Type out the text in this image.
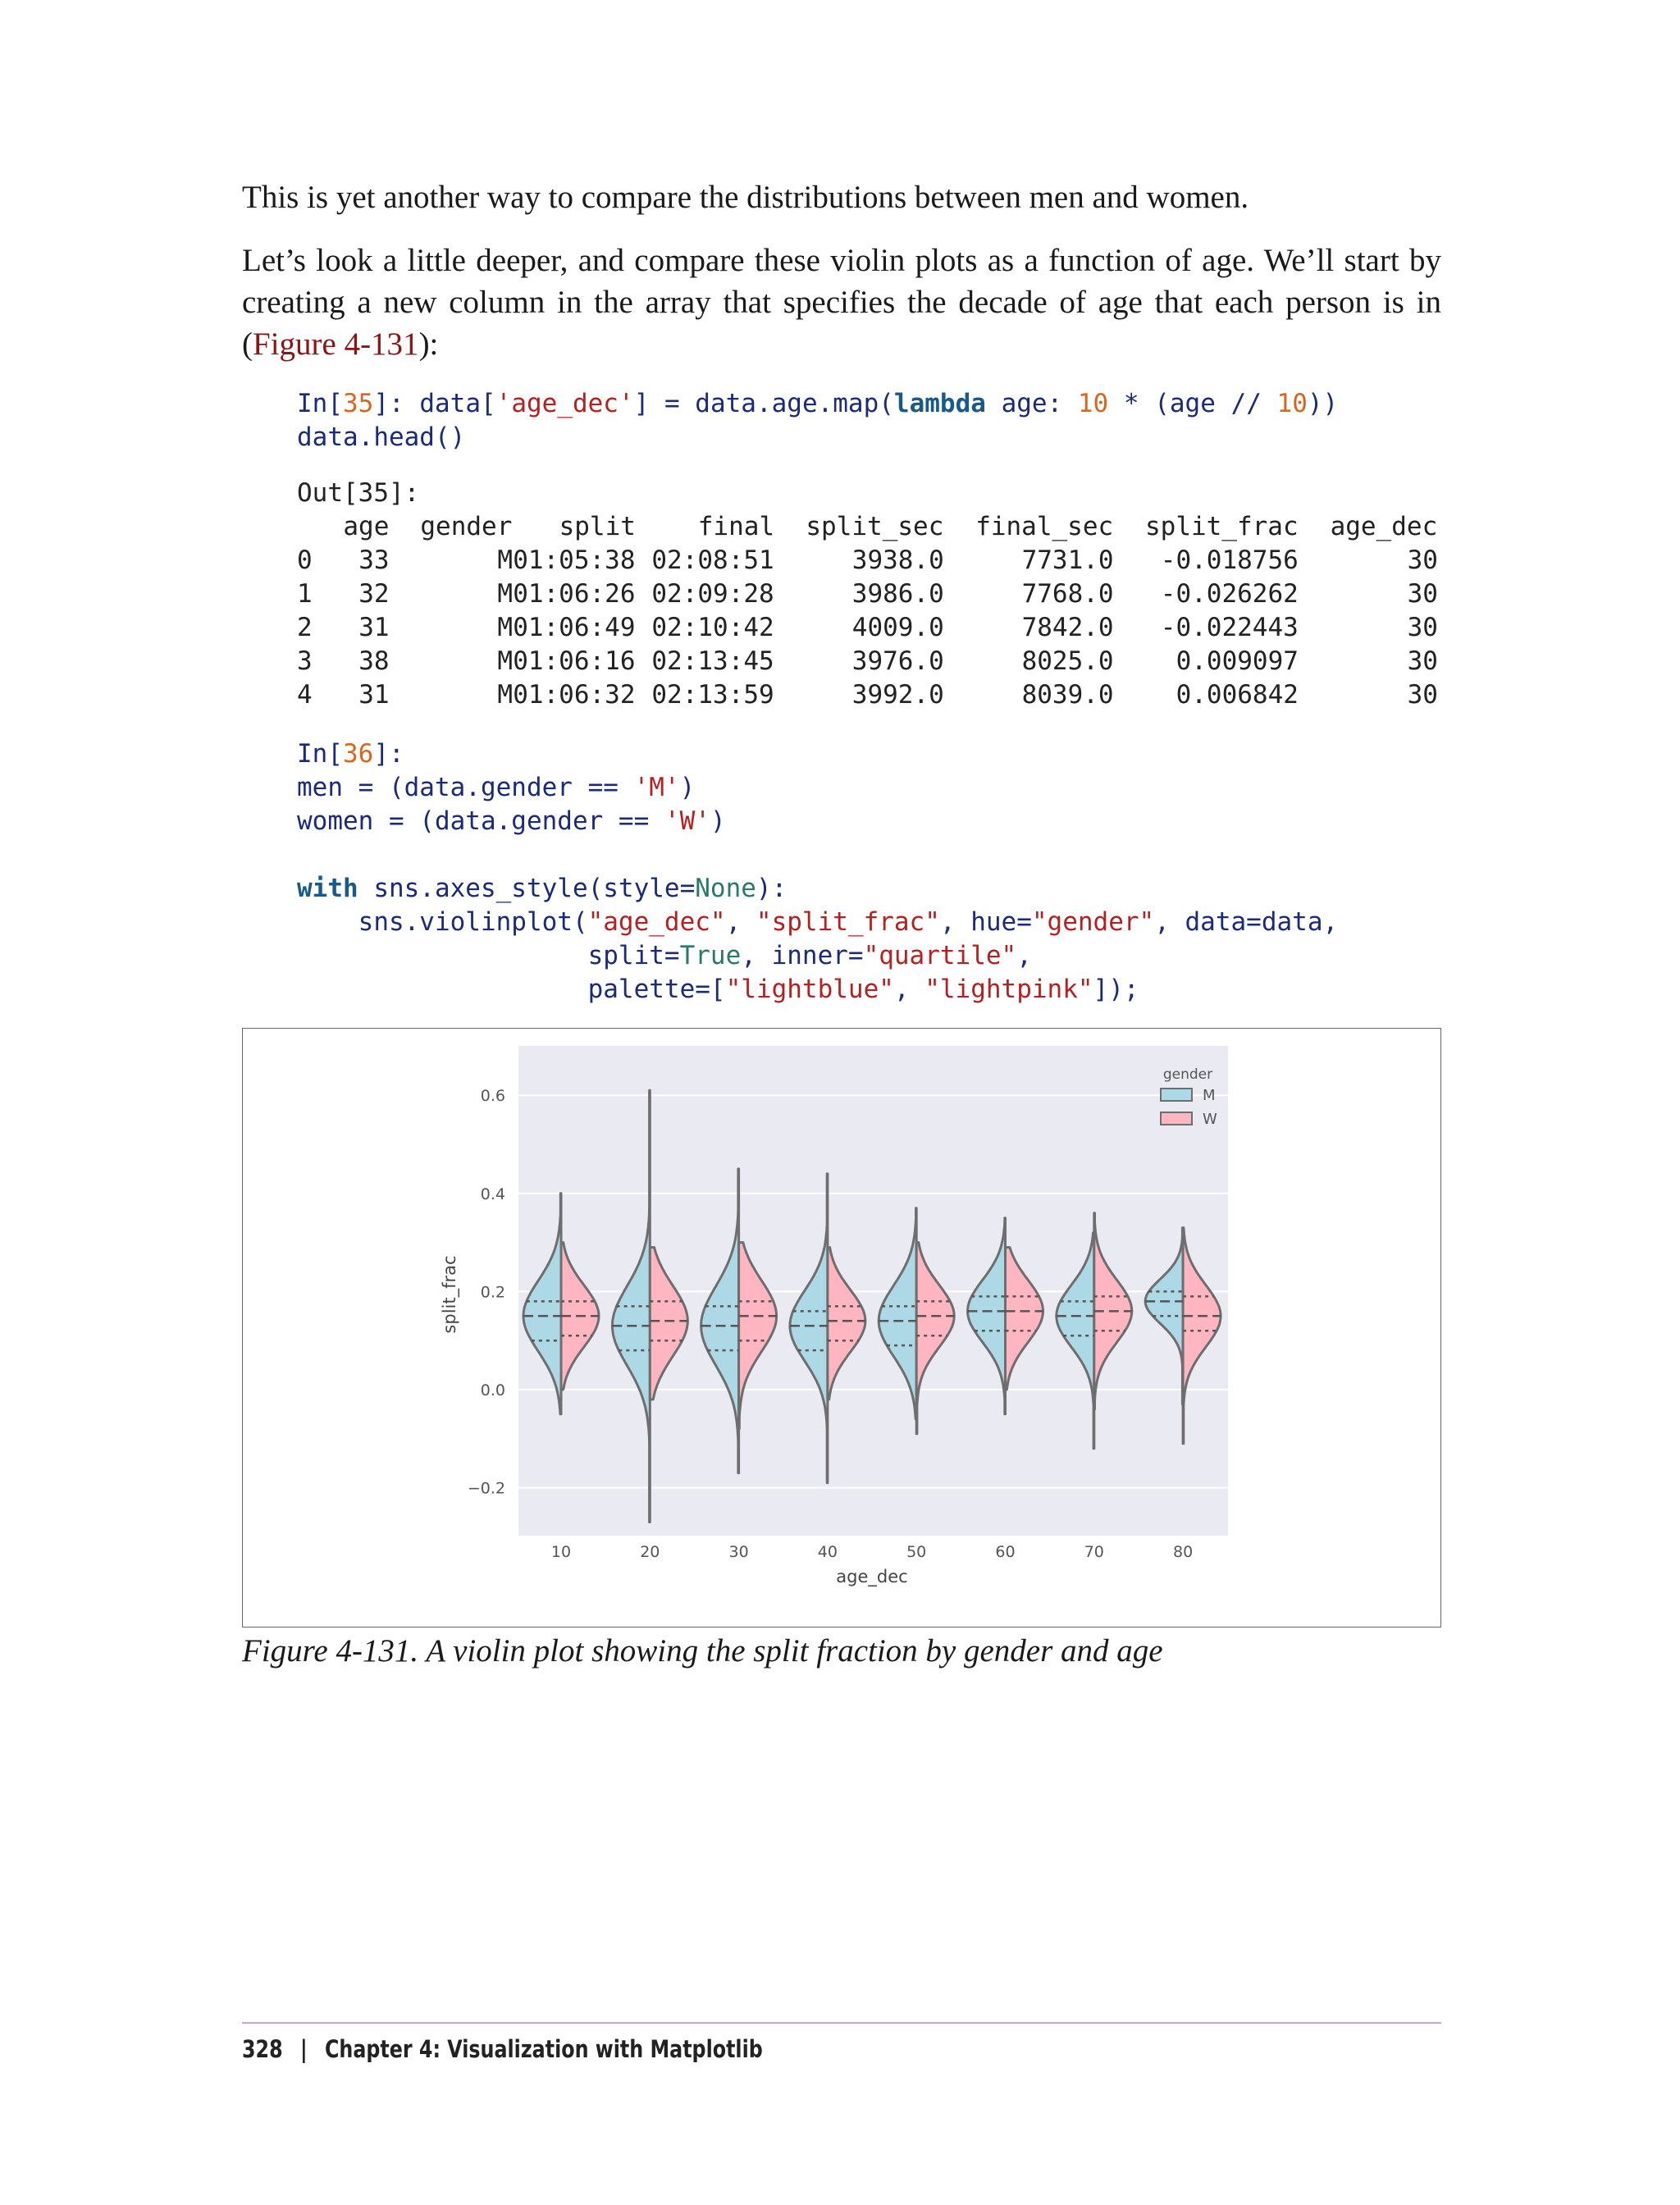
This is yet another way to compare the distributions between men and women.

Let’s look a little deeper, and compare these violin plots as a function of age. We’ll start by creating a new column in the array that specifies the decade of age that each person is in (Figure 4-131):

In[35]: data['age_dec'] = data.age.map(lambda age: 10 * (age // 10))
data.head()
Out[35]:
age gender split final split_sec final_sec split_frac age_dec
0 33	M 01:05:38 02:08:51	3938.0	7731.0 -0.018756	30
1 32	M 01:06:26 02:09:28	3986.0	7768.0 -0.026262	30
2 31	M 01:06:49 02:10:42	4009.0	7842.0 -0.022443	30
3 38	M 01:06:16 02:13:45	3976.0	8025.0 0.009097	30
4 31	M 01:06:32 02:13:59	3992.0	8039.0 0.006842	30
In[36]:
men = (data.gender == 'M')
women = (data.gender == 'W')

with sns.axes_style(style=None):
sns.violinplot("age_dec", "split_frac", hue="gender", data=data,
split=True, inner="quartile",
palette=["lightblue", "lightpink"]);
0.6
0.4
0.2
0.0
−0.2
10	20	30	40	50	60	70	80
age_dec
split_frac
gender
M
W
Figure 4-131. A violin plot showing the split fraction by gender and age
328 | Chapter 4: Visualization with Matplotlib
